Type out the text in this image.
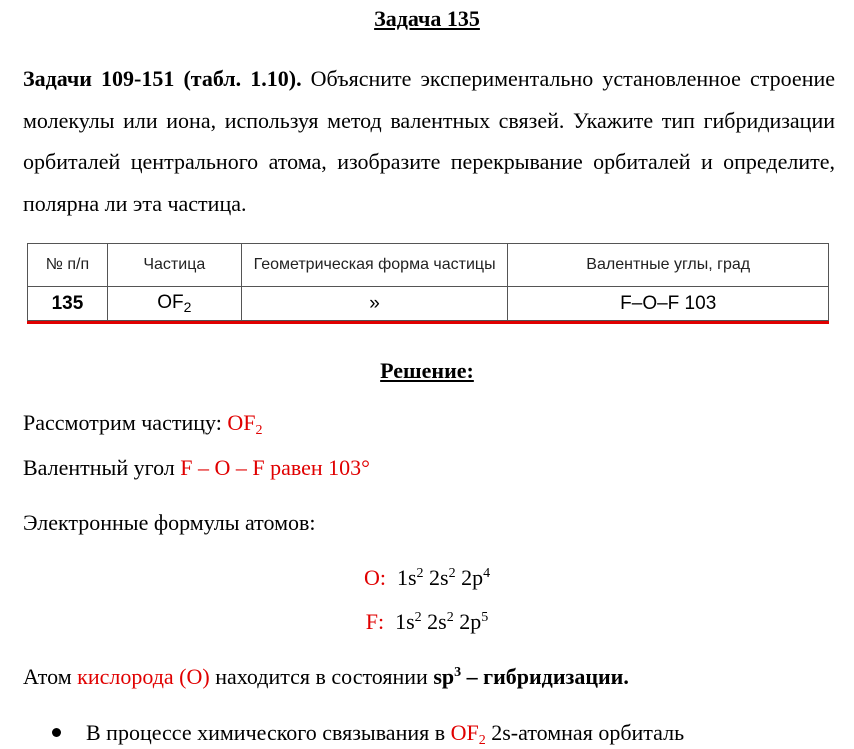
Задача 135
Задачи 109-151 (табл. 1.10). Объясните экспериментально установленное строение молекулы или иона, используя метод валентных связей. Укажите тип гибридизации орбиталей центрального атома, изобразите перекрывание орбиталей и определите, полярна ли эта частица.
№ п/п	Частица	Геометрическая форма частицы	Валентные углы, град
135	$OF_2$	»	F–O–F 103
Решение:
Рассмотрим частицу: $OF_2$
Валентный угол F – O – F равен 103°
Электронные формулы атомов:
O: $1s^2$ $2s^2$ $2p^4$
F: $1s^2$ $2s^2$ $2p^5$
Атом кислорода (О) находится в состоянии $sp^3$ – гибридизации.
В процессе химического связывания в $OF_2$ 2s-атомная орбиталь
